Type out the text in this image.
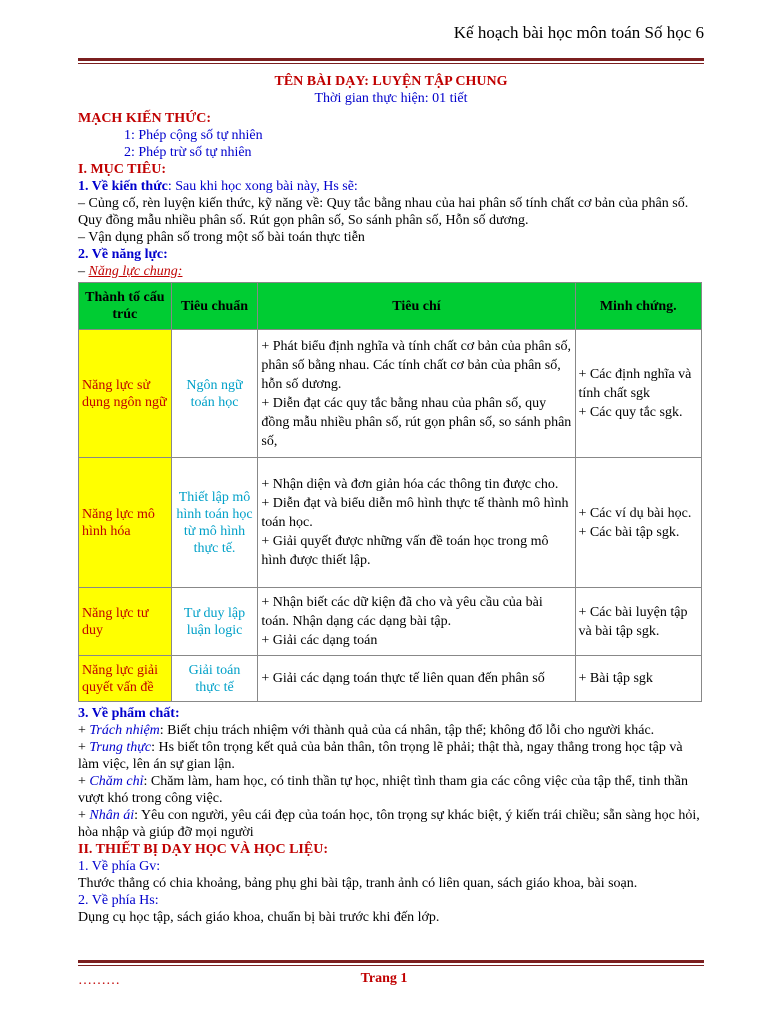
Kế hoạch bài học môn toán Số học 6

TÊN BÀI DẠY: LUYỆN TẬP CHUNG

Thời gian thực hiện: 01 tiết

MẠCH KIẾN THỨC:

1: Phép cộng số tự nhiên

2: Phép trừ số tự nhiên

I. MỤC TIÊU:

1. Về kiến thức: Sau khi học xong bài này, Hs sẽ:

– Củng cố, rèn luyện kiến thức, kỹ năng về: Quy tắc bằng nhau của hai phân số tính chất cơ bản của phân số. Quy đồng mẫu nhiều phân số. Rút gọn phân số, So sánh phân số, Hỗn số dương.

– Vận dụng phân số trong một số bài toán thực tiễn

2. Về năng lực:

– Năng lực chung:

Thành tố cấu trúc	Tiêu chuẩn	Tiêu chí	Minh chứng.
Năng lực sử dụng ngôn ngữ	Ngôn ngữ toán học	+ Phát biểu định nghĩa và tính chất cơ bản của phân số, phân số bằng nhau. Các tính chất cơ bản của phân số, hỗn số dương.
+ Diễn đạt các quy tắc bằng nhau của phân số, quy đồng mẫu nhiều phân số, rút gọn phân số, so sánh phân số,	+ Các định nghĩa và tính chất sgk
+ Các quy tắc sgk.
Năng lực mô hình hóa	Thiết lập mô hình toán học từ mô hình thực tế.	+ Nhận diện và đơn giản hóa các thông tin được cho.
+ Diễn đạt và biểu diễn mô hình thực tế thành mô hình toán học.
+ Giải quyết được những vấn đề toán học trong mô hình được thiết lập.	+ Các ví dụ bài học.
+ Các bài tập sgk.
Năng lực tư duy	Tư duy lập luận logic	+ Nhận biết các dữ kiện đã cho và yêu cầu của bài toán. Nhận dạng các dạng bài tập.
+ Giải các dạng toán	+ Các bài luyện tập và bài tập sgk.
Năng lực giải quyết vấn đề	Giải toán thực tế	+ Giải các dạng toán thực tế liên quan đến phân số	+ Bài tập sgk

3. Về phẩm chất:

+ Trách nhiệm: Biết chịu trách nhiệm với thành quả của cá nhân, tập thể; không đổ lỗi cho người khác.

+ Trung thực: Hs biết tôn trọng kết quả của bản thân, tôn trọng lẽ phải; thật thà, ngay thẳng trong học tập và làm việc, lên án sự gian lận.

+ Chăm chỉ: Chăm làm, ham học, có tinh thần tự học, nhiệt tình tham gia các công việc của tập thể, tinh thần vượt khó trong công việc.

+ Nhân ái: Yêu con người, yêu cái đẹp của toán học, tôn trọng sự khác biệt, ý kiến trái chiều; sẵn sàng học hỏi, hòa nhập và giúp đỡ mọi người

II. THIẾT BỊ DẠY HỌC VÀ HỌC LIỆU:

1. Về phía Gv:

Thước thẳng có chia khoảng, bảng phụ ghi bài tập, tranh ảnh có liên quan, sách giáo khoa, bài soạn.

2. Về phía Hs:

Dụng cụ học tập, sách giáo khoa, chuẩn bị bài trước khi đến lớp.

………	Trang 1
